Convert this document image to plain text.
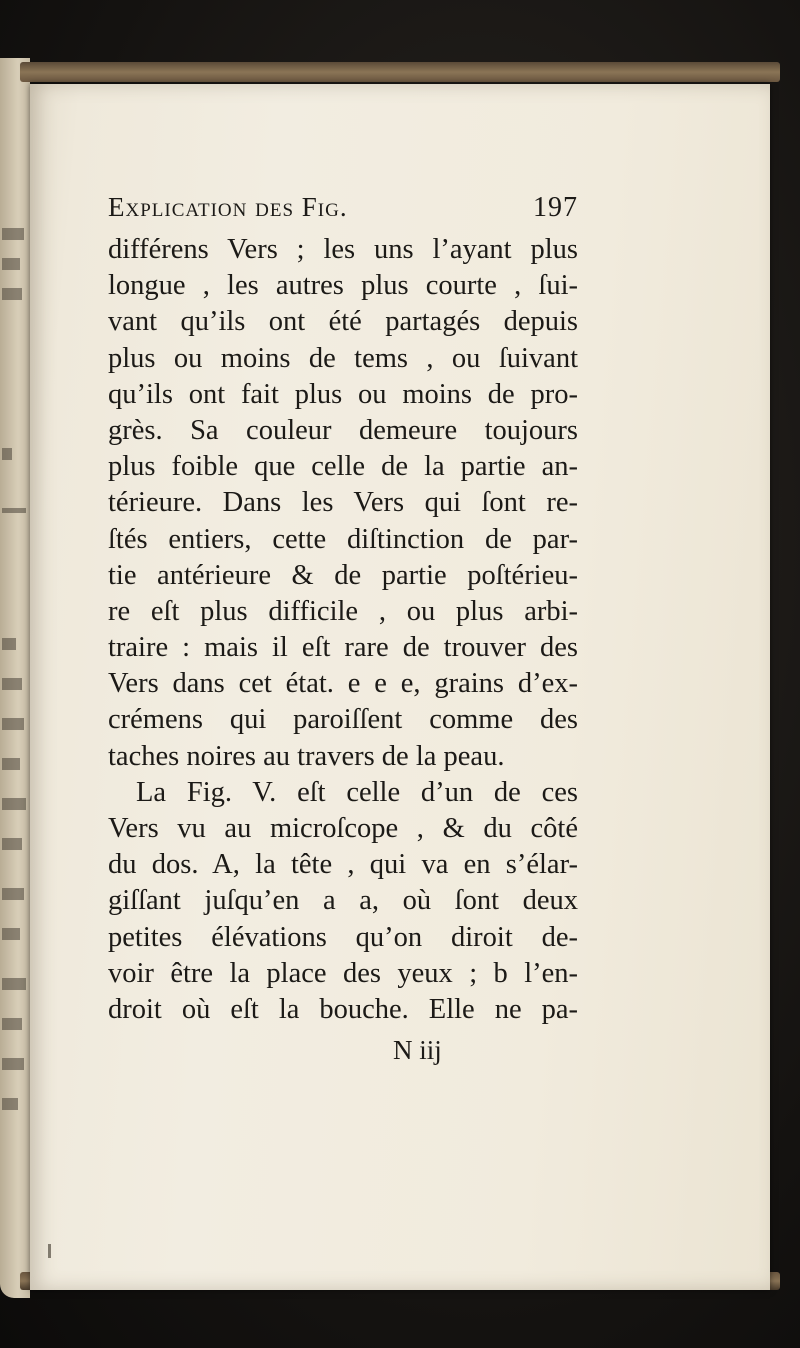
Explication des Fig.	197
différens Vers ; les uns l’ayant plus
longue , les autres plus courte , ſui-
vant qu’ils ont été partagés depuis
plus ou moins de tems , ou ſuivant
qu’ils ont fait plus ou moins de pro-
grès. Sa couleur demeure toujours
plus foible que celle de la partie an-
térieure. Dans les Vers qui ſont re-
ſtés entiers, cette diſtinction de par-
tie antérieure & de partie poſtérieu-
re eſt plus difficile , ou plus arbi-
traire : mais il eſt rare de trouver des
Vers dans cet état. e e e, grains d’ex-
crémens qui paroiſſent comme des
taches noires au travers de la peau.
La Fig. V. eſt celle d’un de ces
Vers vu au microſcope , & du côté
du dos. A, la tête , qui va en s’élar-
giſſant juſqu’en a a, où ſont deux
petites élévations qu’on diroit de-
voir être la place des yeux ; b l’en-
droit où eſt la bouche. Elle ne pa-
N iij
